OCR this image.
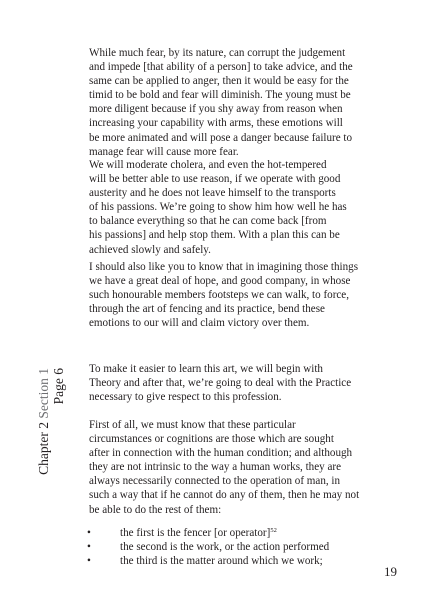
While much fear, by its nature, can corrupt the judgement
and impede [that ability of a person] to take advice, and the
same can be applied to anger, then it would be easy for the
timid to be bold and fear will diminish. The young must be
more diligent because if you shy away from reason when
increasing your capability with arms, these emotions will
be more animated and will pose a danger because failure to
manage fear will cause more fear.

We will moderate cholera, and even the hot-tempered
will be better able to use reason, if we operate with good
austerity and he does not leave himself to the transports
of his passions. We’re going to show him how well he has
to balance everything so that he can come back [from
his passions] and help stop them. With a plan this can be
achieved slowly and safely.

I should also like you to know that in imagining those things
we have a great deal of hope, and good company, in whose
such honourable members footsteps we can walk, to force,
through the art of fencing and its practice, bend these
emotions to our will and claim victory over them.

To make it easier to learn this art, we will begin with
Theory and after that, we’re going to deal with the Practice
necessary to give respect to this profession.

First of all, we must know that these particular
circumstances or cognitions are those which are sought
after in connection with the human condition; and although
they are not intrinsic to the way a human works, they are
always necessarily connected to the operation of man, in
such a way that if he cannot do any of them, then he may not
be able to do the rest of them:

•	the first is the fencer [or operator]$^{52}$
•	the second is the work, or the action performed
•	the third is the matter around which we work;
Chapter 2 Section 1 Page 6
19
